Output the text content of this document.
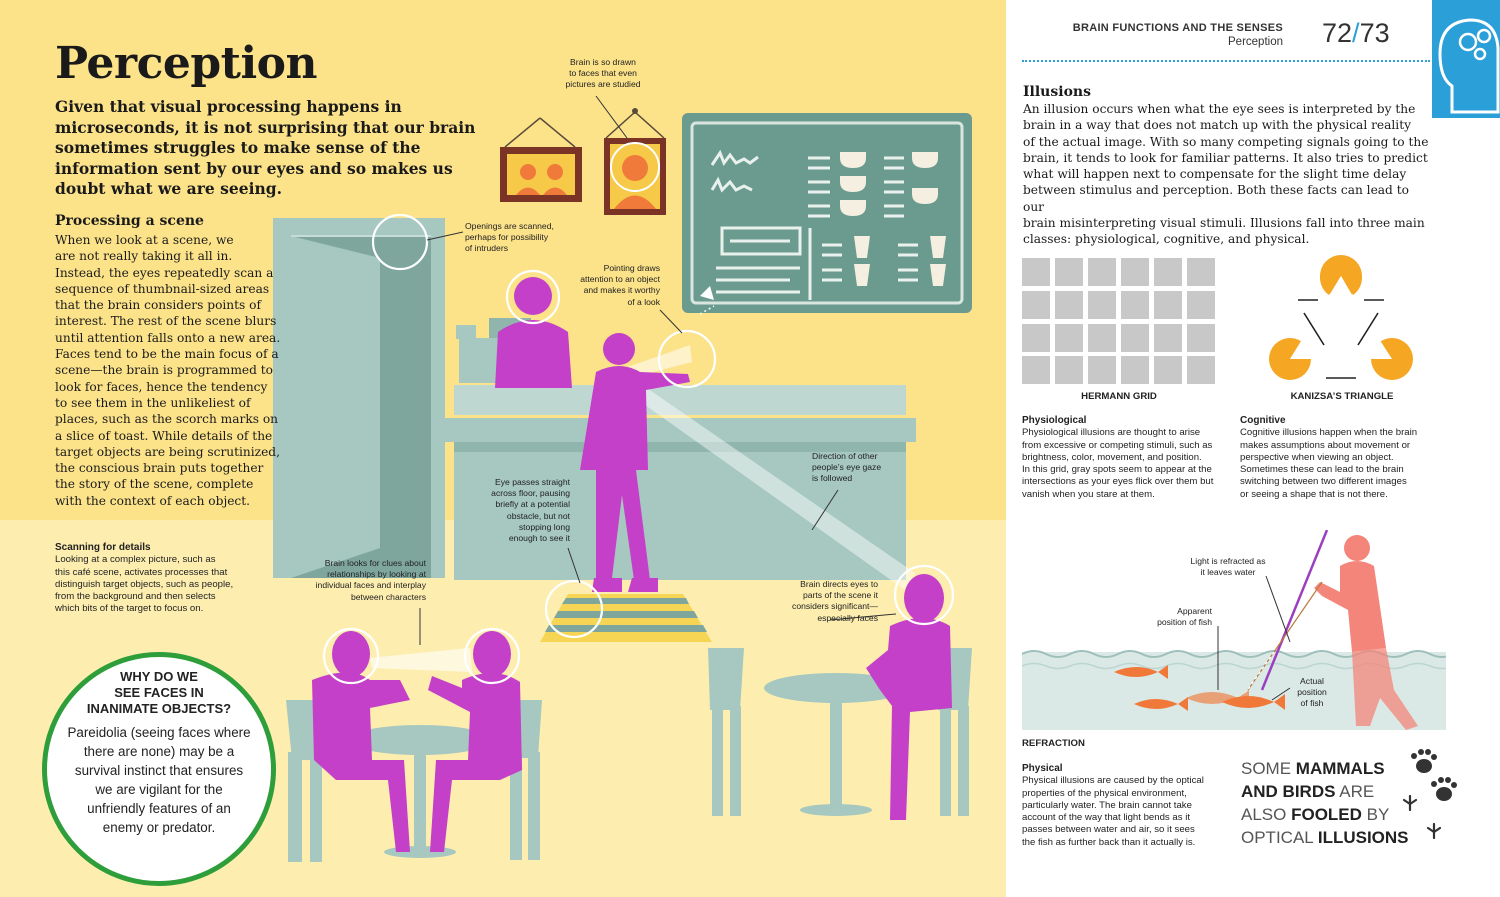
Perception
Given that visual processing happens in microseconds, it is not surprising that our brain sometimes struggles to make sense of the information sent by our eyes and so makes us doubt what we are seeing.
Processing a scene
When we look at a scene, we
are not really taking it all in.
Instead, the eyes repeatedly scan a
sequence of thumbnail-sized areas
that the brain considers points of
interest. The rest of the scene blurs
until attention falls onto a new area.
Faces tend to be the main focus of a
scene—the brain is programmed to
look for faces, hence the tendency
to see them in the unlikeliest of
places, such as the scorch marks on
a slice of toast. While details of the
target objects are being scrutinized,
the conscious brain puts together
the story of the scene, complete
with the context of each object.
Scanning for details
Looking at a complex picture, such as
this café scene, activates processes that
distinguish target objects, such as people,
from the background and then selects
which bits of the target to focus on.
WHY DO WE
SEE FACES IN
INANIMATE OBJECTS?
Pareidolia (seeing faces where
there are none) may be a
survival instinct that ensures
we are vigilant for the
unfriendly features of an
enemy or predator.
Brain is so drawn
to faces that even
pictures are studied
Openings are scanned,
perhaps for possibility
of intruders
Pointing draws
attention to an object
and makes it worthy
of a look
Direction of other
people’s eye gaze
is followed
Eye passes straight
across floor, pausing
briefly at a potential
obstacle, but not
stopping long
enough to see it
Brain looks for clues about
relationships by looking at
individual faces and interplay
between characters
Brain directs eyes to
parts of the scene it
considers significant—
especially faces
BRAIN FUNCTIONS AND THE SENSES
Perception 72/73
Illusions
An illusion occurs when what the eye sees is interpreted by the
brain in a way that does not match up with the physical reality
of the actual image. With so many competing signals going to the
brain, it tends to look for familiar patterns. It also tries to predict
what will happen next to compensate for the slight time delay
between stimulus and perception. Both these facts can lead to our
brain misinterpreting visual stimuli. Illusions fall into three main
classes: physiological, cognitive, and physical.
HERMANN GRID	KANIZSA’S TRIANGLE
Physiological
Physiological illusions are thought to arise
from excessive or competing stimuli, such as
brightness, color, movement, and position.
In this grid, gray spots seem to appear at the
intersections as your eyes flick over them but
vanish when you stare at them.
Cognitive
Cognitive illusions happen when the brain
makes assumptions about movement or
perspective when viewing an object.
Sometimes these can lead to the brain
switching between two different images
or seeing a shape that is not there.
Light is refracted as
it leaves water
Apparent
position of fish
Actual
position
of fish
REFRACTION
Physical
Physical illusions are caused by the optical
properties of the physical environment,
particularly water. The brain cannot take
account of the way that light bends as it
passes between water and air, so it sees
the fish as further back than it actually is.
SOME MAMMALS
AND BIRDS ARE
ALSO FOOLED BY
OPTICAL ILLUSIONS
